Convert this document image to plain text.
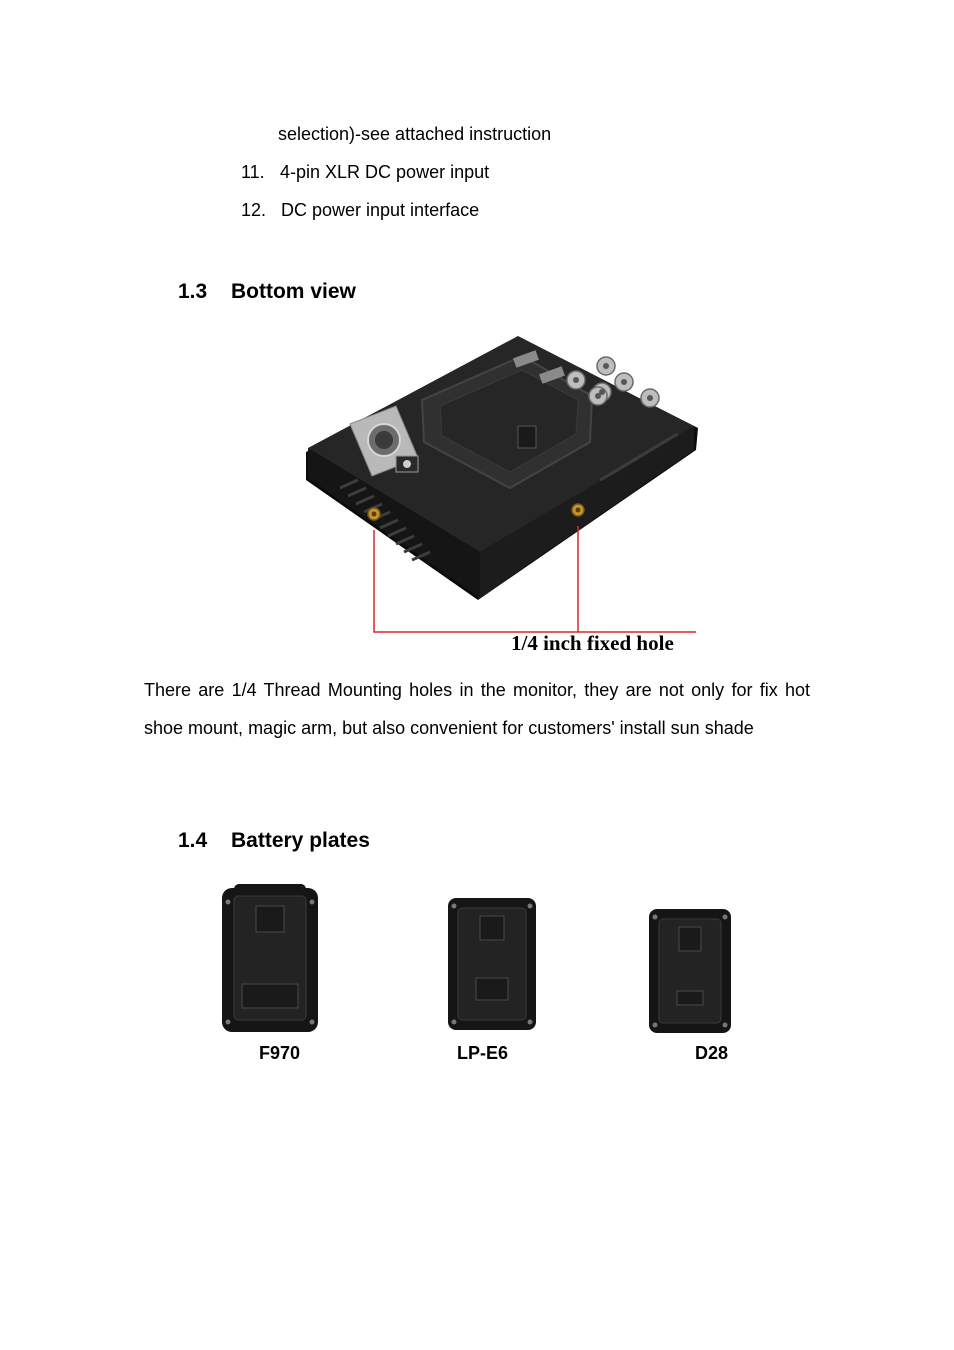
selection)-see attached instruction
11. 4-pin XLR DC power input
12. DC power input interface
1.3 Bottom view
1/4 inch fixed hole
There are 1/4 Thread Mounting holes in the monitor, they are not only for fix hot shoe mount, magic arm, but also convenient for customers' install sun shade
1.4 Battery plates
F970	LP-E6	D28
